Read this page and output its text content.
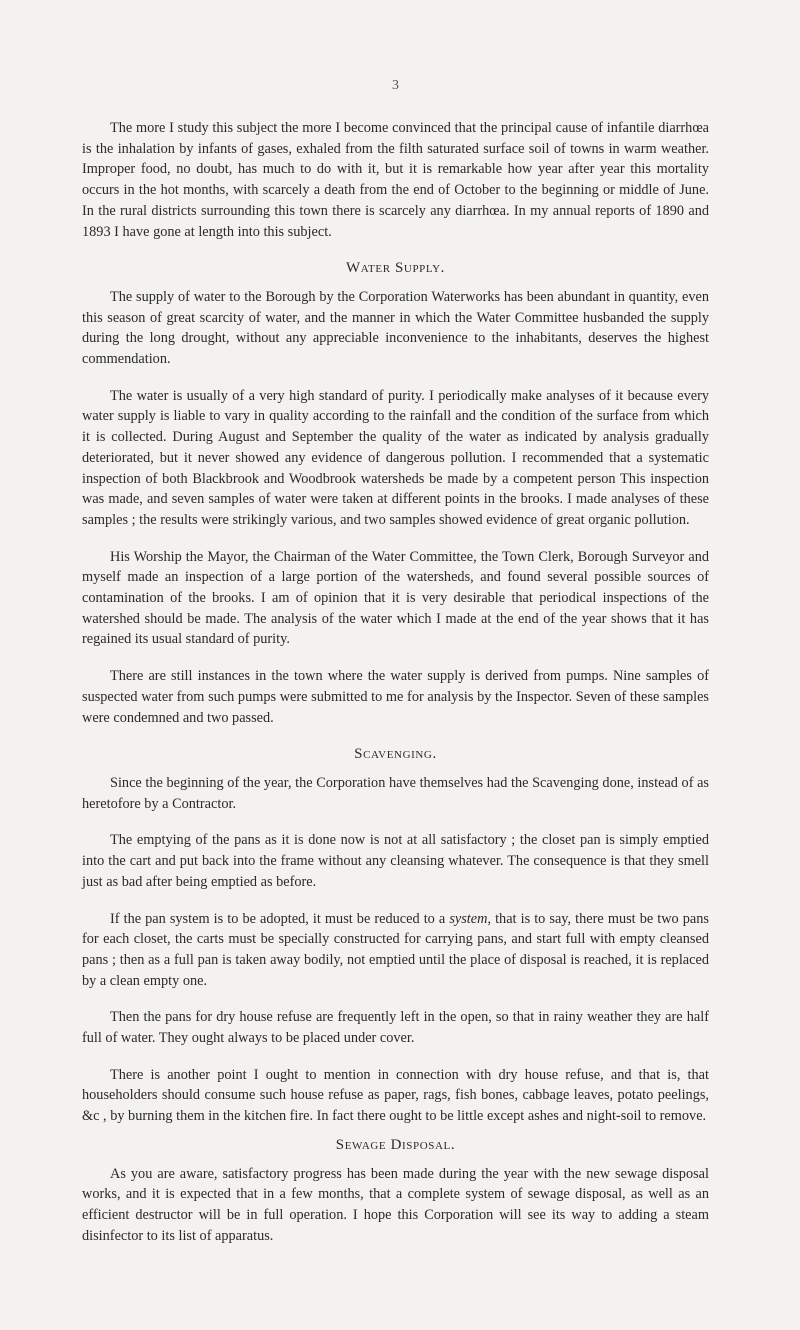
3

The more I study this subject the more I become convinced that the principal cause of infantile diarrhœa is the inhalation by infants of gases, exhaled from the filth saturated surface soil of towns in warm weather. Improper food, no doubt, has much to do with it, but it is remarkable how year after year this mortality occurs in the hot months, with scarcely a death from the end of October to the beginning or middle of June. In the rural districts surrounding this town there is scarcely any diarrhœa. In my annual reports of 1890 and 1893 I have gone at length into this subject.

Water Supply.

The supply of water to the Borough by the Corporation Waterworks has been abundant in quantity, even this season of great scarcity of water, and the manner in which the Water Committee husbanded the supply during the long drought, without any appreciable inconvenience to the inhabitants, deserves the highest commendation.

The water is usually of a very high standard of purity. I periodically make analyses of it because every water supply is liable to vary in quality according to the rainfall and the condition of the surface from which it is collected. During August and September the quality of the water as indicated by analysis gradually deteriorated, but it never showed any evidence of dangerous pollution. I recommended that a systematic inspection of both Blackbrook and Woodbrook watersheds be made by a competent person This inspection was made, and seven samples of water were taken at different points in the brooks. I made analyses of these samples ; the results were strikingly various, and two samples showed evidence of great organic pollution.

His Worship the Mayor, the Chairman of the Water Committee, the Town Clerk, Borough Surveyor and myself made an inspection of a large portion of the watersheds, and found several possible sources of contamination of the brooks. I am of opinion that it is very desirable that periodical inspections of the watershed should be made. The analysis of the water which I made at the end of the year shows that it has regained its usual standard of purity.

There are still instances in the town where the water supply is derived from pumps. Nine samples of suspected water from such pumps were submitted to me for analysis by the Inspector. Seven of these samples were condemned and two passed.

Scavenging.

Since the beginning of the year, the Corporation have themselves had the Scavenging done, instead of as heretofore by a Contractor.

The emptying of the pans as it is done now is not at all satisfactory ; the closet pan is simply emptied into the cart and put back into the frame without any cleansing whatever. The consequence is that they smell just as bad after being emptied as before.

If the pan system is to be adopted, it must be reduced to a system, that is to say, there must be two pans for each closet, the carts must be specially constructed for carrying pans, and start full with empty cleansed pans ; then as a full pan is taken away bodily, not emptied until the place of disposal is reached, it is replaced by a clean empty one.

Then the pans for dry house refuse are frequently left in the open, so that in rainy weather they are half full of water. They ought always to be placed under cover.

There is another point I ought to mention in connection with dry house refuse, and that is, that householders should consume such house refuse as paper, rags, fish bones, cabbage leaves, potato peelings, &c , by burning them in the kitchen fire. In fact there ought to be little except ashes and night-soil to remove.

Sewage Disposal.

As you are aware, satisfactory progress has been made during the year with the new sewage disposal works, and it is expected that in a few months, that a complete system of sewage disposal, as well as an efficient destructor will be in full operation. I hope this Corporation will see its way to adding a steam disinfector to its list of apparatus.
